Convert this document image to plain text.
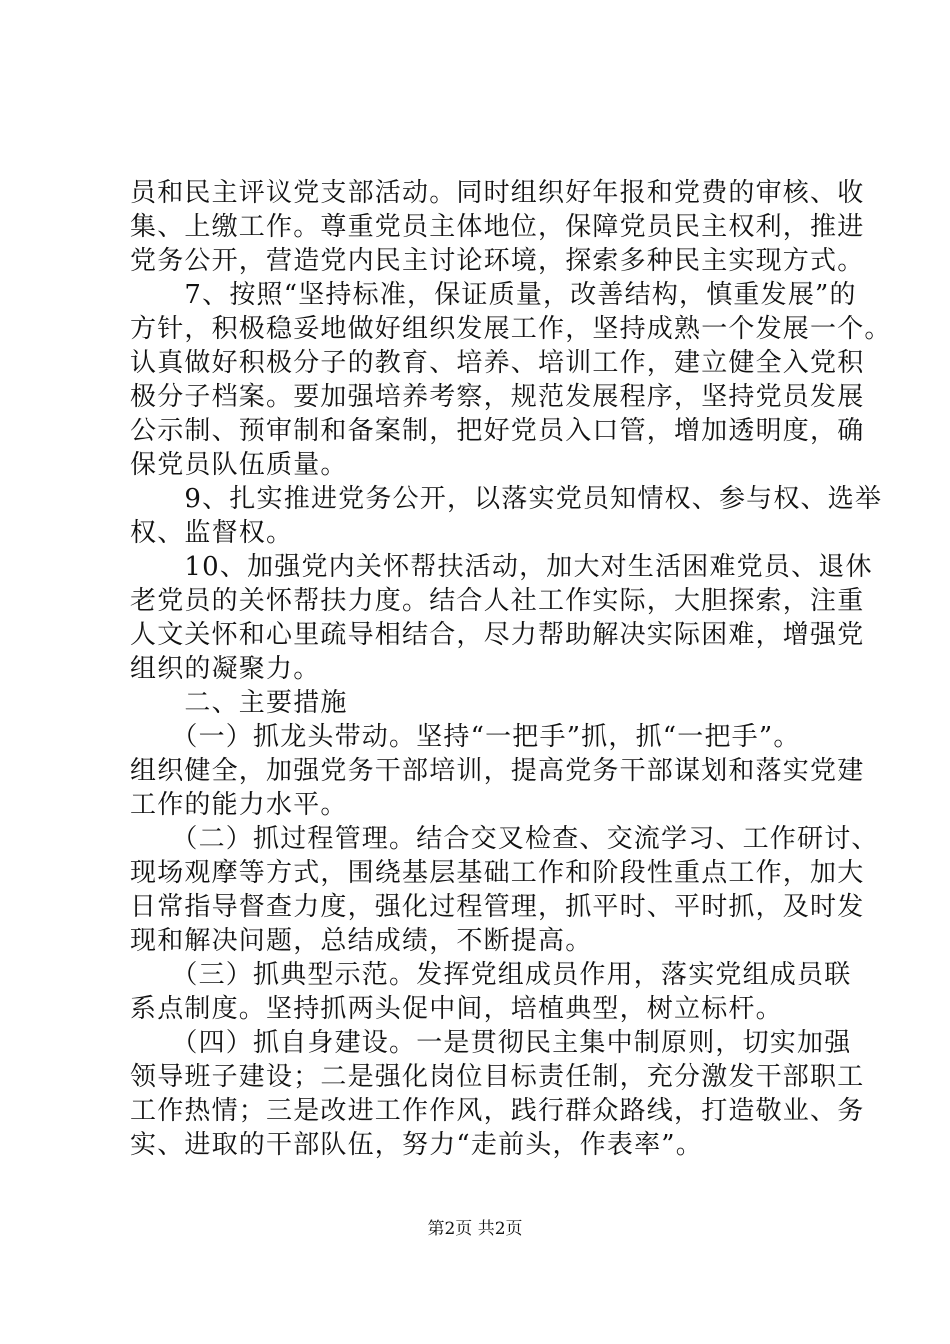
员和民主评议党支部活动。同时组织好年报和党费的审核、收
集、上缴工作。尊重党员主体地位，保障党员民主权利，推进
党务公开，营造党内民主讨论环境，探索多种民主实现方式。
　　7、按照“坚持标准，保证质量，改善结构，慎重发展”的
方针，积极稳妥地做好组织发展工作，坚持成熟一个发展一个。
认真做好积极分子的教育、培养、培训工作，建立健全入党积
极分子档案。要加强培养考察，规范发展程序，坚持党员发展
公示制、预审制和备案制，把好党员入口管，增加透明度，确
保党员队伍质量。
　　9、扎实推进党务公开，以落实党员知情权、参与权、选举
权、监督权。
　　10、加强党内关怀帮扶活动，加大对生活困难党员、退休
老党员的关怀帮扶力度。结合人社工作实际，大胆探索，注重
人文关怀和心里疏导相结合，尽力帮助解决实际困难，增强党
组织的凝聚力。
　　二、主要措施
　　（一）抓龙头带动。坚持“一把手”抓，抓“一把手”。
组织健全，加强党务干部培训，提高党务干部谋划和落实党建
工作的能力水平。
　　（二）抓过程管理。结合交叉检查、交流学习、工作研讨、
现场观摩等方式，围绕基层基础工作和阶段性重点工作，加大
日常指导督查力度，强化过程管理，抓平时、平时抓，及时发
现和解决问题，总结成绩，不断提高。
　　（三）抓典型示范。发挥党组成员作用，落实党组成员联
系点制度。坚持抓两头促中间，培植典型，树立标杆。
　　（四）抓自身建设。一是贯彻民主集中制原则，切实加强
领导班子建设；二是强化岗位目标责任制，充分激发干部职工
工作热情；三是改进工作作风，践行群众路线，打造敬业、务
实、进取的干部队伍，努力“走前头，作表率”。
第2页 共2页
